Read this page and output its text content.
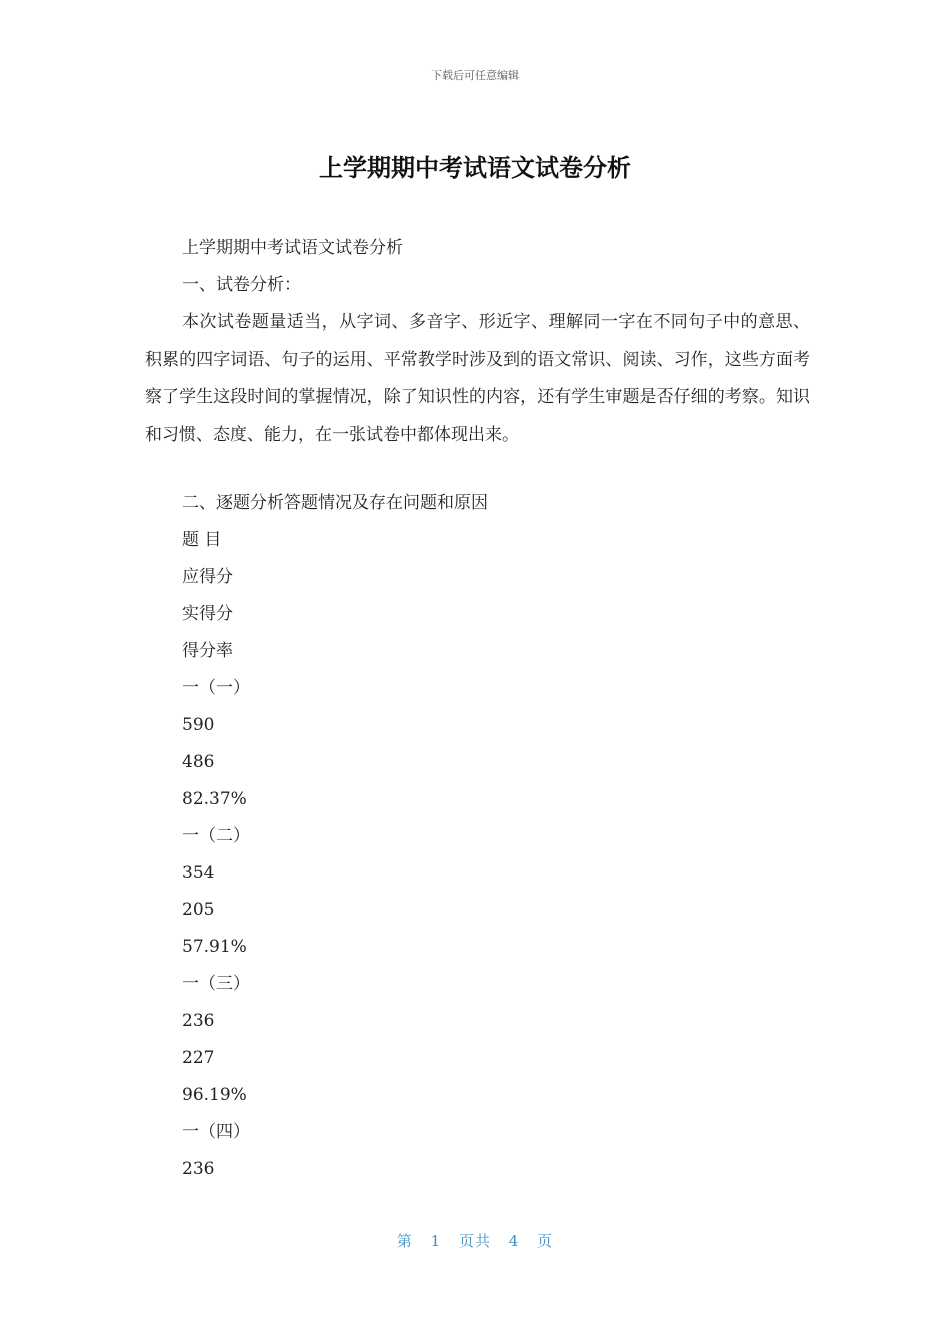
下载后可任意编辑
上学期期中考试语文试卷分析

上学期期中考试语文试卷分析

一、试卷分析：

本次试卷题量适当，从字词、多音字、形近字、理解同一字在不同句子中的意思、积累的四字词语、句子的运用、平常教学时涉及到的语文常识、阅读、习作，这些方面考察了学生这段时间的掌握情况，除了知识性的内容，还有学生审题是否仔细的考察。知识和习惯、态度、能力，在一张试卷中都体现出来。

二、逐题分析答题情况及存在问题和原因

题 目

应得分

实得分

得分率

一（一）

590

486

82.37%

一（二）

354

205

57.91%

一（三）

236

227

96.19%

一（四）

236

第 1 页共 4 页
